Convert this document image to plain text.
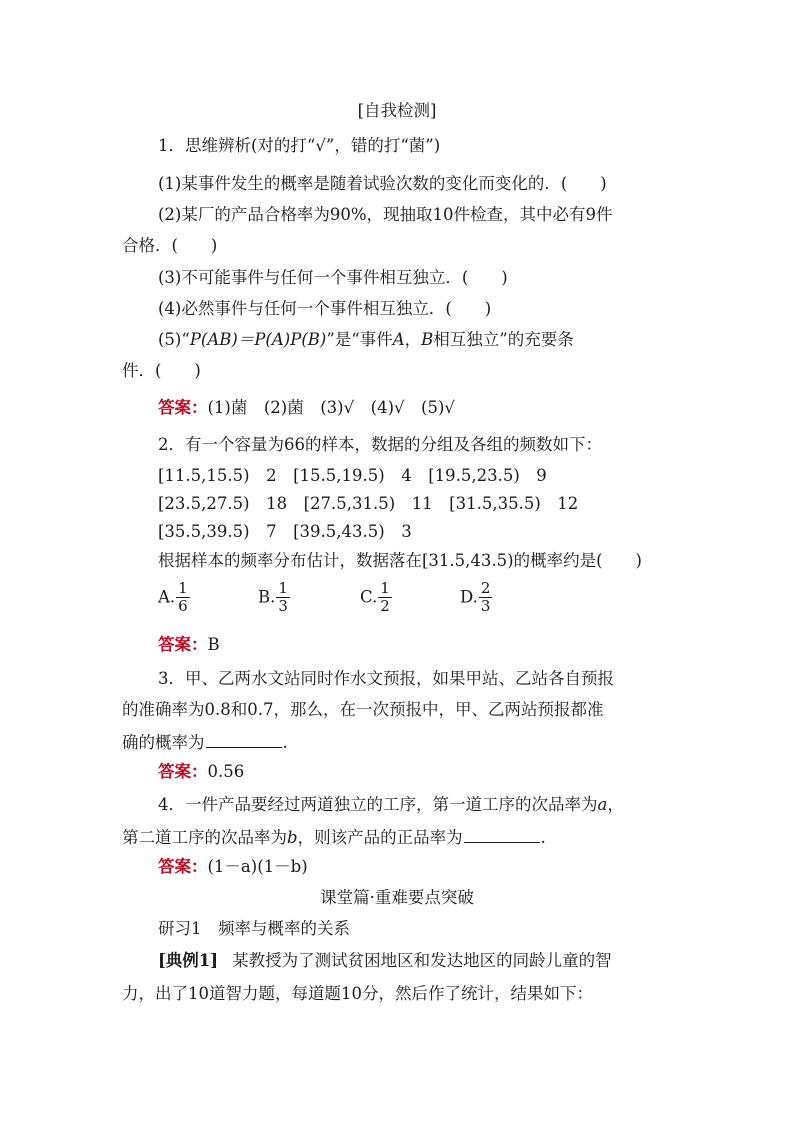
[自我检测]
1．思维辨析(对的打“√”，错的打“菌”)
(1)某事件发生的概率是随着试验次数的变化而变化的．(　　)
(2)某厂的产品合格率为90%，现抽取10件检查，其中必有9件
合格．(　　)
(3)不可能事件与任何一个事件相互独立．(　　)
(4)必然事件与任何一个事件相互独立．(　　)
(5)“P(AB)＝P(A)P(B)”是“事件A，B相互独立”的充要条
件．(　　)
答案：(1)菌　(2)菌　(3)√　(4)√　(5)√
2．有一个容量为66的样本，数据的分组及各组的频数如下：
[11.5,15.5)　2　[15.5,19.5)　4　[19.5,23.5)　9
[23.5,27.5)　18　[27.5,31.5)　11　[31.5,35.5)　12
[35.5,39.5)　7　[39.5,43.5)　3
根据样本的频率分布估计，数据落在[31.5,43.5)的概率约是(　　)
A. $\frac{1}{6}$	B. $\frac{1}{3}$	C. $\frac{1}{2}$	D. $\frac{2}{3}$
答案：B
3．甲、乙两水文站同时作水文预报，如果甲站、乙站各自预报
的准确率为0.8和0.7，那么，在一次预报中，甲、乙两站预报都准
确的概率为	.
答案：0.56
4．一件产品要经过两道独立的工序，第一道工序的次品率为a，
第二道工序的次品率为b，则该产品的正品率为	.
答案：(1－a)(1－b)
课堂篇·重难要点突破
研习1　频率与概率的关系
[典例1] 某教授为了测试贫困地区和发达地区的同龄儿童的智
力，出了10道智力题，每道题10分，然后作了统计，结果如下：
